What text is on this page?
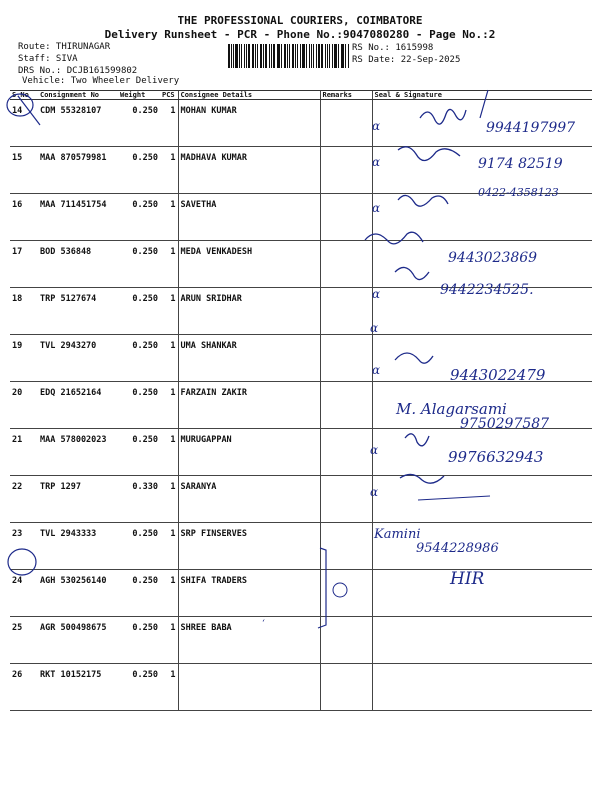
THE PROFESSIONAL COURIERS, COIMBATORE
Delivery Runsheet - PCR - Phone No.:9047080280 - Page No.:2
Route: THIRUNAGAR
Staff: SIVA
DRS No.: DCJB161599802
Vehicle: Two Wheeler Delivery
RS No.: 1615998
RS Date: 22-Sep-2025
S.No	Consignment No	Weight	PCS	Consignee Details	Remarks	Seal & Signature
14	CDM 55328107	0.250	1	MOHAN KUMAR		
15	MAA 870579981	0.250	1	MADHAVA KUMAR		
16	MAA 711451754	0.250	1	SAVETHA		
17	BOD 536848	0.250	1	MEDA VENKADESH		
18	TRP 5127674	0.250	1	ARUN SRIDHAR		
19	TVL 2943270	0.250	1	UMA SHANKAR		
20	EDQ 21652164	0.250	1	FARZAIN ZAKIR		
21	MAA 578002023	0.250	1	MURUGAPPAN		
22	TRP 1297	0.330	1	SARANYA		
23	TVL 2943333	0.250	1	SRP FINSERVES		
24	AGH 530256140	0.250	1	SHIFA TRADERS		
25	AGR 500498675	0.250	1	SHREE BABA		
26	RKT 10152175	0.250	1			
α
α
α
α
α
α
α
α
9944197997
9174 82519
0422-4358123
9443023869
9442234525.
9443022479
M. Alagarsami
9750297587
9976632943
Kamini
9544228986
HIR
‘
